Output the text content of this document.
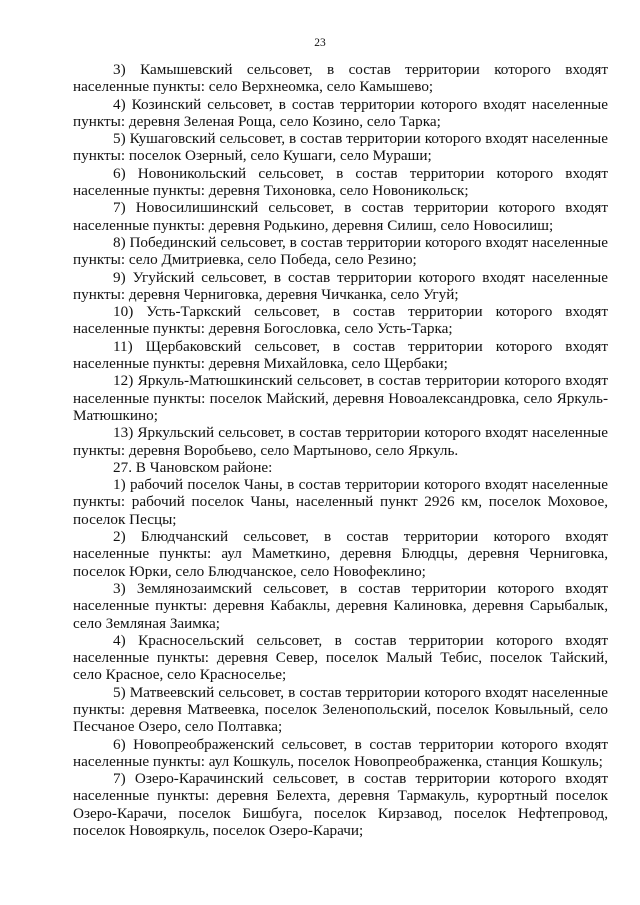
23

3) Камышевский сельсовет, в состав территории которого входят населенные пункты: село Верхнеомка, село Камышево;

4) Козинский сельсовет, в состав территории которого входят населенные пункты: деревня Зеленая Роща, село Козино, село Тарка;

5) Кушаговский сельсовет, в состав территории которого входят населенные пункты: поселок Озерный, село Кушаги, село Мураши;

6) Новоникольский сельсовет, в состав территории которого входят населенные пункты: деревня Тихоновка, село Новоникольск;

7) Новосилишинский сельсовет, в состав территории которого входят населенные пункты: деревня Родькино, деревня Силиш, село Новосилиш;

8) Побединский сельсовет, в состав территории которого входят населенные пункты: село Дмитриевка, село Победа, село Резино;

9) Угуйский сельсовет, в состав территории которого входят населенные пункты: деревня Черниговка, деревня Чичканка, село Угуй;

10) Усть-Таркский сельсовет, в состав территории которого входят населенные пункты: деревня Богословка, село Усть-Тарка;

11) Щербаковский сельсовет, в состав территории которого входят населенные пункты: деревня Михайловка, село Щербаки;

12) Яркуль-Матюшкинский сельсовет, в состав территории которого входят населенные пункты: поселок Майский, деревня Новоалександровка, село Яркуль-Матюшкино;

13) Яркульский сельсовет, в состав территории которого входят населенные пункты: деревня Воробьево, село Мартыново, село Яркуль.

27. В Чановском районе:

1) рабочий поселок Чаны, в состав территории которого входят населенные пункты: рабочий поселок Чаны, населенный пункт 2926 км, поселок Моховое, поселок Песцы;

2) Блюдчанский сельсовет, в состав территории которого входят населенные пункты: аул Маметкино, деревня Блюдцы, деревня Черниговка, поселок Юрки, село Блюдчанское, село Новофеклино;

3) Землянозаимский сельсовет, в состав территории которого входят населенные пункты: деревня Кабаклы, деревня Калиновка, деревня Сарыбалык, село Земляная Заимка;

4) Красносельский сельсовет, в состав территории которого входят населенные пункты: деревня Север, поселок Малый Тебис, поселок Тайский, село Красное, село Красноселье;

5) Матвеевский сельсовет, в состав территории которого входят населенные пункты: деревня Матвеевка, поселок Зеленопольский, поселок Ковыльный, село Песчаное Озеро, село Полтавка;

6) Новопреображенский сельсовет, в состав территории которого входят населенные пункты: аул Кошкуль, поселок Новопреображенка, станция Кошкуль;

7) Озеро-Карачинский сельсовет, в состав территории которого входят населенные пункты: деревня Белехта, деревня Тармакуль, курортный поселок Озеро-Карачи, поселок Бишбуга, поселок Кирзавод, поселок Нефтепровод, поселок Новояркуль, поселок Озеро-Карачи;
